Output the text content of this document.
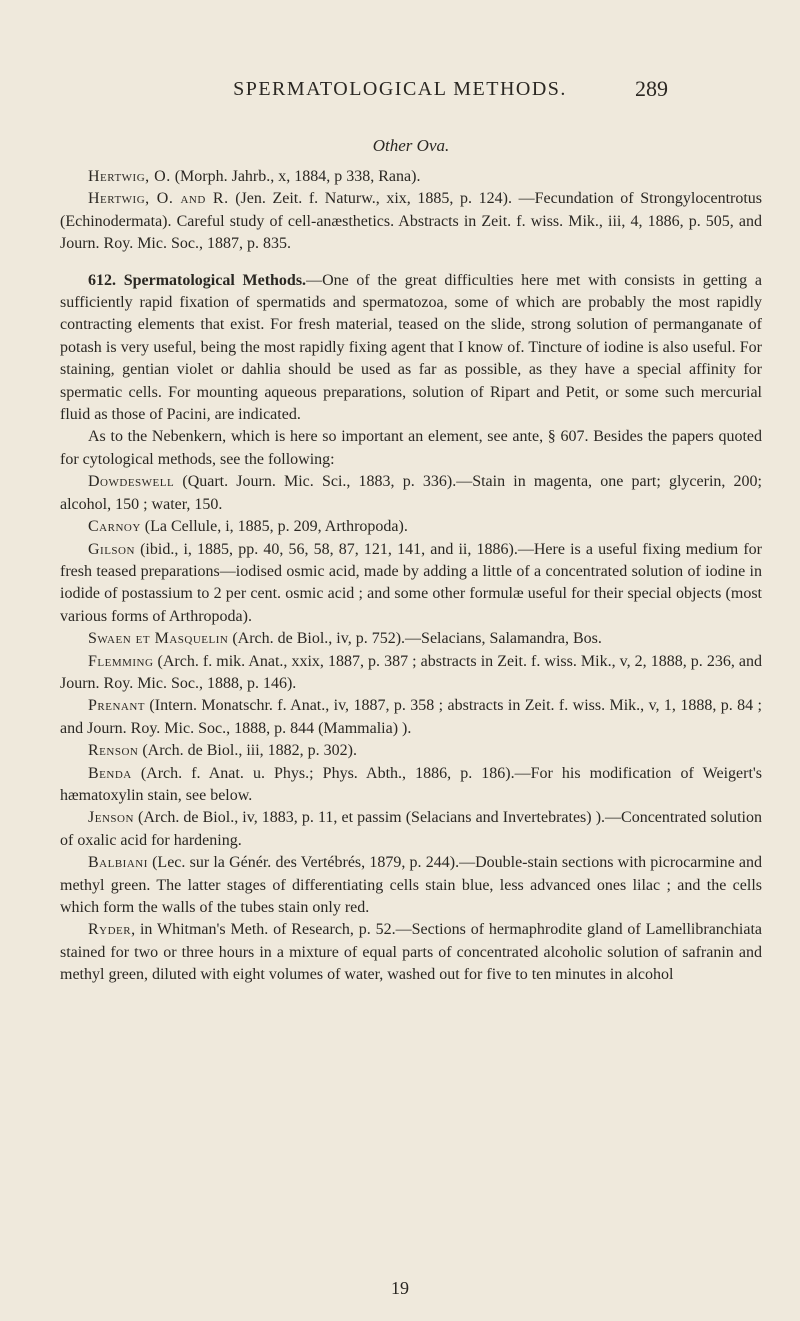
SPERMATOLOGICAL METHODS.	289
Other Ova.

Hertwig, O. (Morph. Jahrb., x, 1884, p 338, Rana).

Hertwig, O. and R. (Jen. Zeit. f. Naturw., xix, 1885, p. 124). —Fecundation of Strongylocentrotus (Echinodermata). Careful study of cell-anæsthetics. Abstracts in Zeit. f. wiss. Mik., iii, 4, 1886, p. 505, and Journ. Roy. Mic. Soc., 1887, p. 835.

612. Spermatological Methods.—One of the great difficulties here met with consists in getting a sufficiently rapid fixation of spermatids and spermatozoa, some of which are probably the most rapidly contracting elements that exist. For fresh material, teased on the slide, strong solution of permanganate of potash is very useful, being the most rapidly fixing agent that I know of. Tincture of iodine is also useful. For staining, gentian violet or dahlia should be used as far as possible, as they have a special affinity for spermatic cells. For mounting aqueous preparations, solution of Ripart and Petit, or some such mercurial fluid as those of Pacini, are indicated.

As to the Nebenkern, which is here so important an element, see ante, § 607. Besides the papers quoted for cytological methods, see the following:

Dowdeswell (Quart. Journ. Mic. Sci., 1883, p. 336).—Stain in magenta, one part; glycerin, 200; alcohol, 150 ; water, 150.

Carnoy (La Cellule, i, 1885, p. 209, Arthropoda).

Gilson (ibid., i, 1885, pp. 40, 56, 58, 87, 121, 141, and ii, 1886).—Here is a useful fixing medium for fresh teased preparations—iodised osmic acid, made by adding a little of a concentrated solution of iodine in iodide of postassium to 2 per cent. osmic acid ; and some other formulæ useful for their special objects (most various forms of Arthropoda).

Swaen et Masquelin (Arch. de Biol., iv, p. 752).—Selacians, Salamandra, Bos.

Flemming (Arch. f. mik. Anat., xxix, 1887, p. 387 ; abstracts in Zeit. f. wiss. Mik., v, 2, 1888, p. 236, and Journ. Roy. Mic. Soc., 1888, p. 146).

Prenant (Intern. Monatschr. f. Anat., iv, 1887, p. 358 ; abstracts in Zeit. f. wiss. Mik., v, 1, 1888, p. 84 ; and Journ. Roy. Mic. Soc., 1888, p. 844 (Mammalia) ).

Renson (Arch. de Biol., iii, 1882, p. 302).

Benda (Arch. f. Anat. u. Phys.; Phys. Abth., 1886, p. 186).—For his modification of Weigert's hæmatoxylin stain, see below.

Jenson (Arch. de Biol., iv, 1883, p. 11, et passim (Selacians and Invertebrates) ).—Concentrated solution of oxalic acid for hardening.

Balbiani (Lec. sur la Génér. des Vertébrés, 1879, p. 244).—Double-stain sections with picrocarmine and methyl green. The latter stages of differentiating cells stain blue, less advanced ones lilac ; and the cells which form the walls of the tubes stain only red.

Ryder, in Whitman's Meth. of Research, p. 52.—Sections of hermaphrodite gland of Lamellibranchiata stained for two or three hours in a mixture of equal parts of concentrated alcoholic solution of safranin and methyl green, diluted with eight volumes of water, washed out for five to ten minutes in alcohol

19
